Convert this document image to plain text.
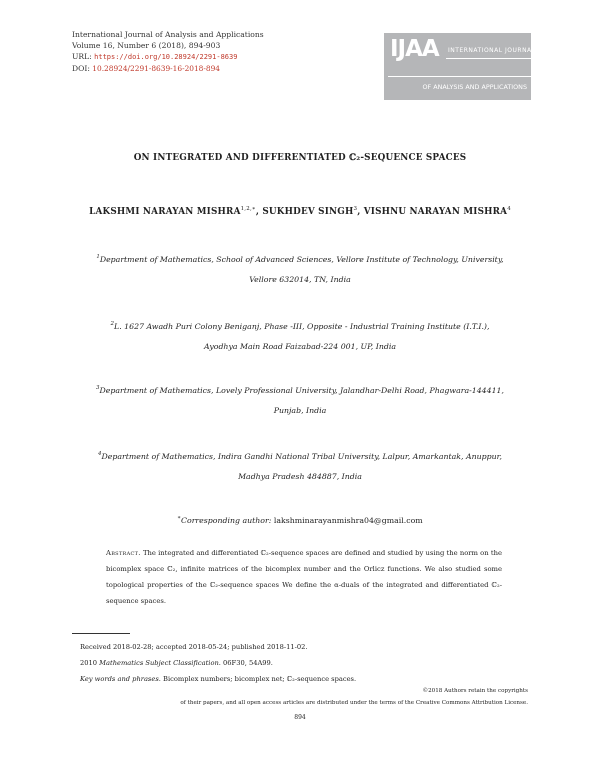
International Journal of Analysis and Applications
Volume 16, Number 6 (2018), 894-903
URL: https://doi.org/10.28924/2291-8639
DOI: 10.28924/2291-8639-16-2018-894
IJAA INTERNATIONAL JOURNAL
OF ANALYSIS AND APPLICATIONS
ON INTEGRATED AND DIFFERENTIATED ℂ₂-SEQUENCE SPACES
LAKSHMI NARAYAN $MISHRA^{1,2,∗}$, SUKHDEV SINGH$^3$, VISHNU NARAYAN MISHRA$^4$
$^1$Department of Mathematics, School of Advanced Sciences, Vellore Institute of Technology, University,
Vellore 632014, TN, India
$^2$L. 1627 Awadh Puri Colony Beniganj, Phase -III, Opposite - Industrial Training Institute (I.T.I.),
Ayodhya Main Road Faizabad-224 001, UP, India
$^3$Department of Mathematics, Lovely Professional University, Jalandhar-Delhi Road, Phagwara-144411,
Punjab, India
$^4$Department of Mathematics, Indira Gandhi National Tribal University, Lalpur, Amarkantak, Anuppur,
Madhya Pradesh 484887, India
∗Corresponding author: lakshminarayanmishra04@gmail.com
Abstract. The integrated and differentiated ℂ₂-sequence spaces are defined and studied by using the norm on the bicomplex space ℂ₂, infinite matrices of the bicomplex number and the Orlicz functions. We also studied some topological properties of the ℂ₂-sequence spaces We define the α-duals of the integrated and differentiated ℂ₂-sequence spaces.
Received 2018-02-28; accepted 2018-05-24; published 2018-11-02.
2010 Mathematics Subject Classification. 06F30, 54A99.
Key words and phrases. Bicomplex numbers; bicomplex net; ℂ₂-sequence spaces.
©2018 Authors retain the copyrights
of their papers, and all open access articles are distributed under the terms of the Creative Commons Attribution License.
894
